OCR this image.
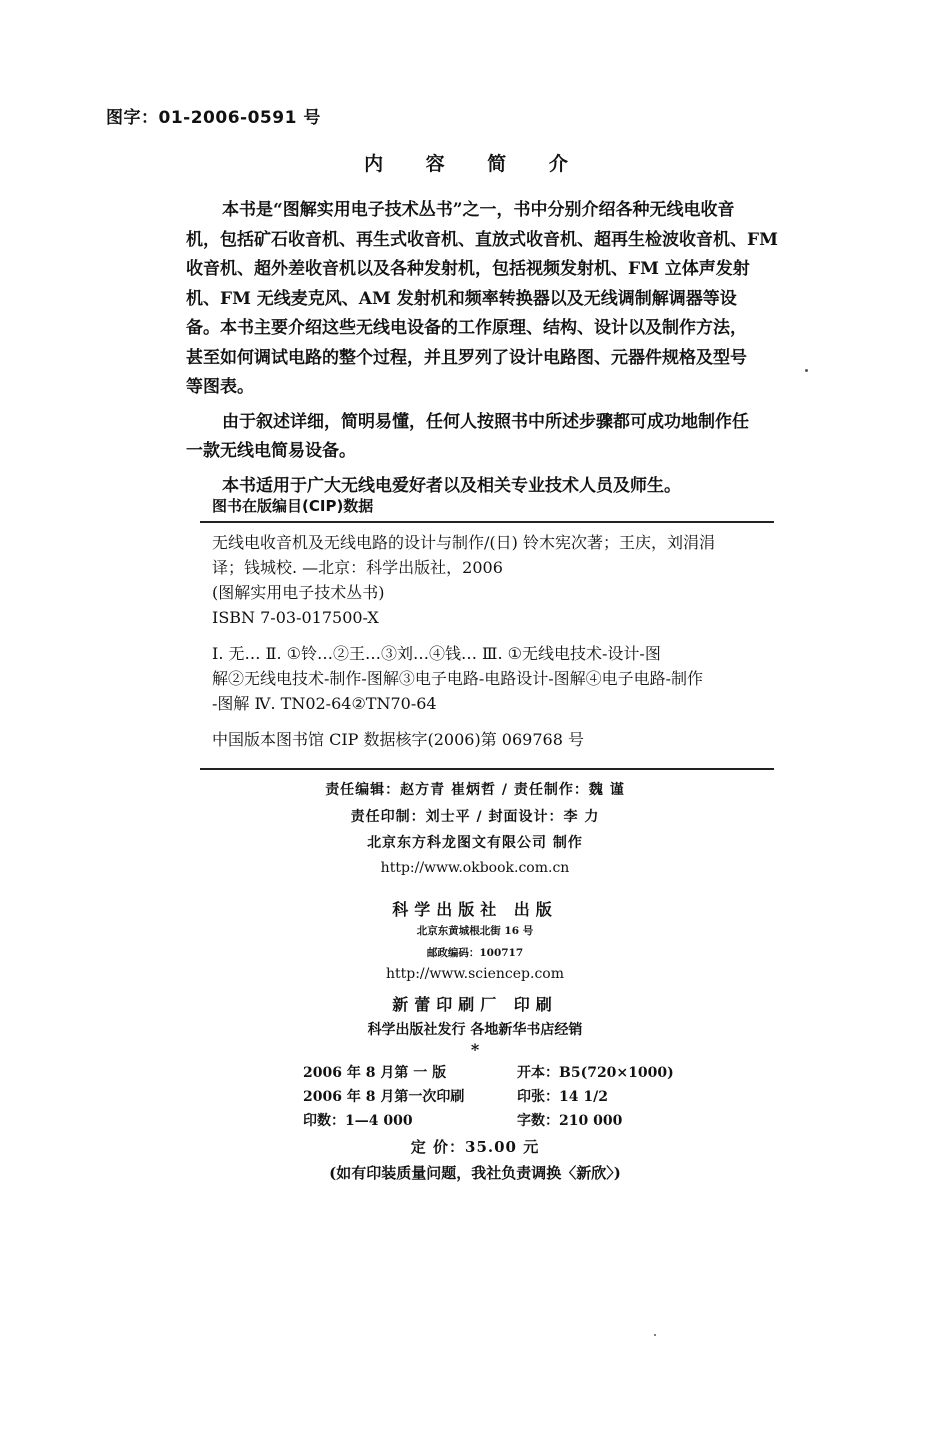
图字：01-2006-0591 号
内 容 简 介

本书是“图解实用电子技术丛书”之一，书中分别介绍各种无线电收音

机，包括矿石收音机、再生式收音机、直放式收音机、超再生检波收音机、FM

收音机、超外差收音机以及各种发射机，包括视频发射机、FM 立体声发射

机、FM 无线麦克风、AM 发射机和频率转换器以及无线调制解调器等设

备。本书主要介绍这些无线电设备的工作原理、结构、设计以及制作方法，

甚至如何调试电路的整个过程，并且罗列了设计电路图、元器件规格及型号

等图表。

由于叙述详细，简明易懂，任何人按照书中所述步骤都可成功地制作任

一款无线电简易设备。

本书适用于广大无线电爱好者以及相关专业技术人员及师生。

图书在版编目(CIP)数据

无线电收音机及无线电路的设计与制作/(日) 铃木宪次著；王庆，刘涓涓

译；钱城校. —北京：科学出版社，2006

(图解实用电子技术丛书)

ISBN 7-03-017500-X

Ⅰ. 无… Ⅱ. ①铃…②王…③刘…④钱… Ⅲ. ①无线电技术-设计-图

解②无线电技术-制作-图解③电子电路-电路设计-图解④电子电路-制作

-图解 Ⅳ. TN02-64②TN70-64

中国版本图书馆 CIP 数据核字(2006)第 069768 号

责任编辑：赵方青 崔炳哲 / 责任制作：魏 谨
责任印制：刘士平 / 封面设计：李 力
北京东方科龙图文有限公司 制作
http://www.okbook.com.cn
科学出版社 出版
北京东黄城根北街 16 号
邮政编码：100717
http://www.sciencep.com
新蕾印刷厂 印刷
科学出版社发行 各地新华书店经销
*
2006 年 8 月第 一 版	开本：B5(720×1000)
2006 年 8 月第一次印刷	印张：14 1/2
印数：1—4 000	字数：210 000
定 价：35.00 元
(如有印装质量问题，我社负责调换〈新欣〉)
